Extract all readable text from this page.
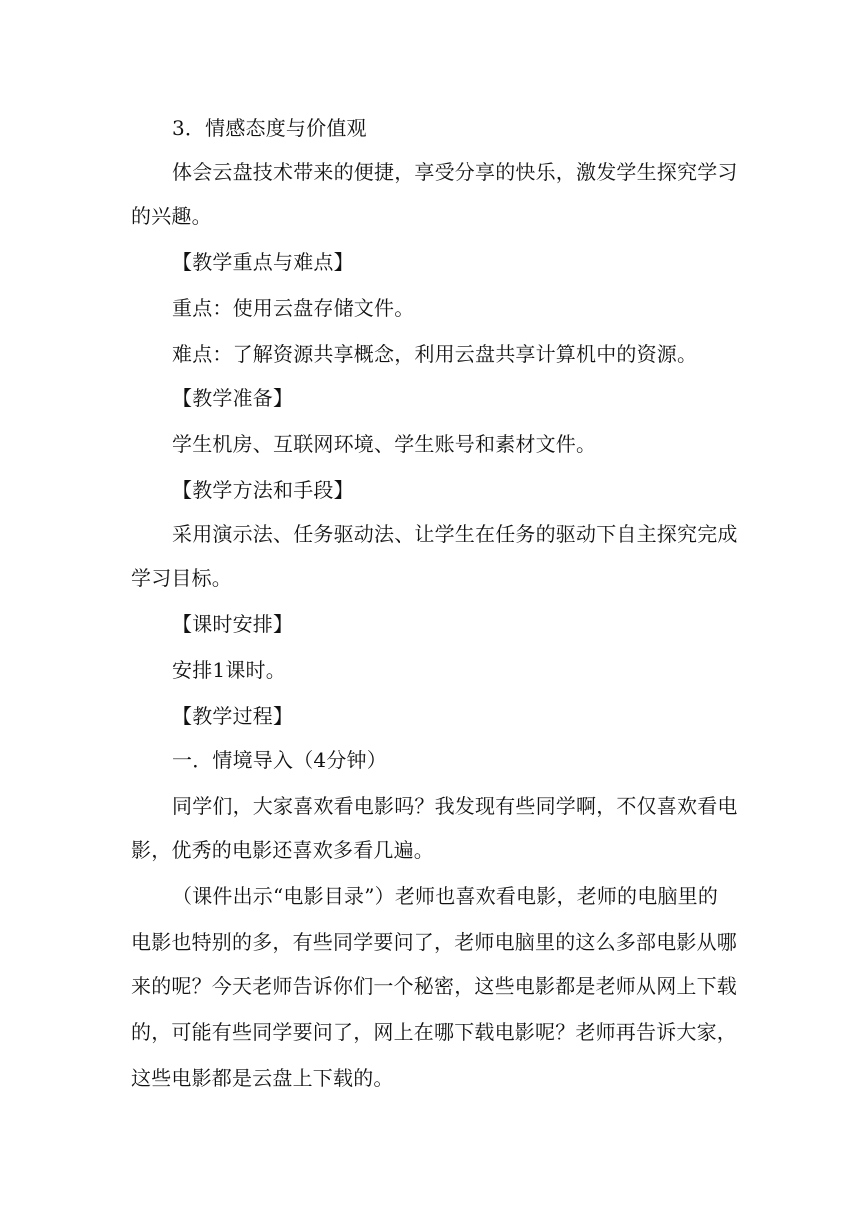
3．情感态度与价值观
体会云盘技术带来的便捷，享受分享的快乐，激发学生探究学习
的兴趣。
【教学重点与难点】
重点：使用云盘存储文件。
难点：了解资源共享概念，利用云盘共享计算机中的资源。
【教学准备】
学生机房、互联网环境、学生账号和素材文件。
【教学方法和手段】
采用演示法、任务驱动法、让学生在任务的驱动下自主探究完成
学习目标。
【课时安排】
安排1课时。
【教学过程】
一．情境导入（4分钟）
同学们，大家喜欢看电影吗？我发现有些同学啊，不仅喜欢看电
影，优秀的电影还喜欢多看几遍。
（课件出示“电影目录”）老师也喜欢看电影，老师的电脑里的
电影也特别的多，有些同学要问了，老师电脑里的这么多部电影从哪
来的呢？今天老师告诉你们一个秘密，这些电影都是老师从网上下载
的，可能有些同学要问了，网上在哪下载电影呢？老师再告诉大家，
这些电影都是云盘上下载的。
